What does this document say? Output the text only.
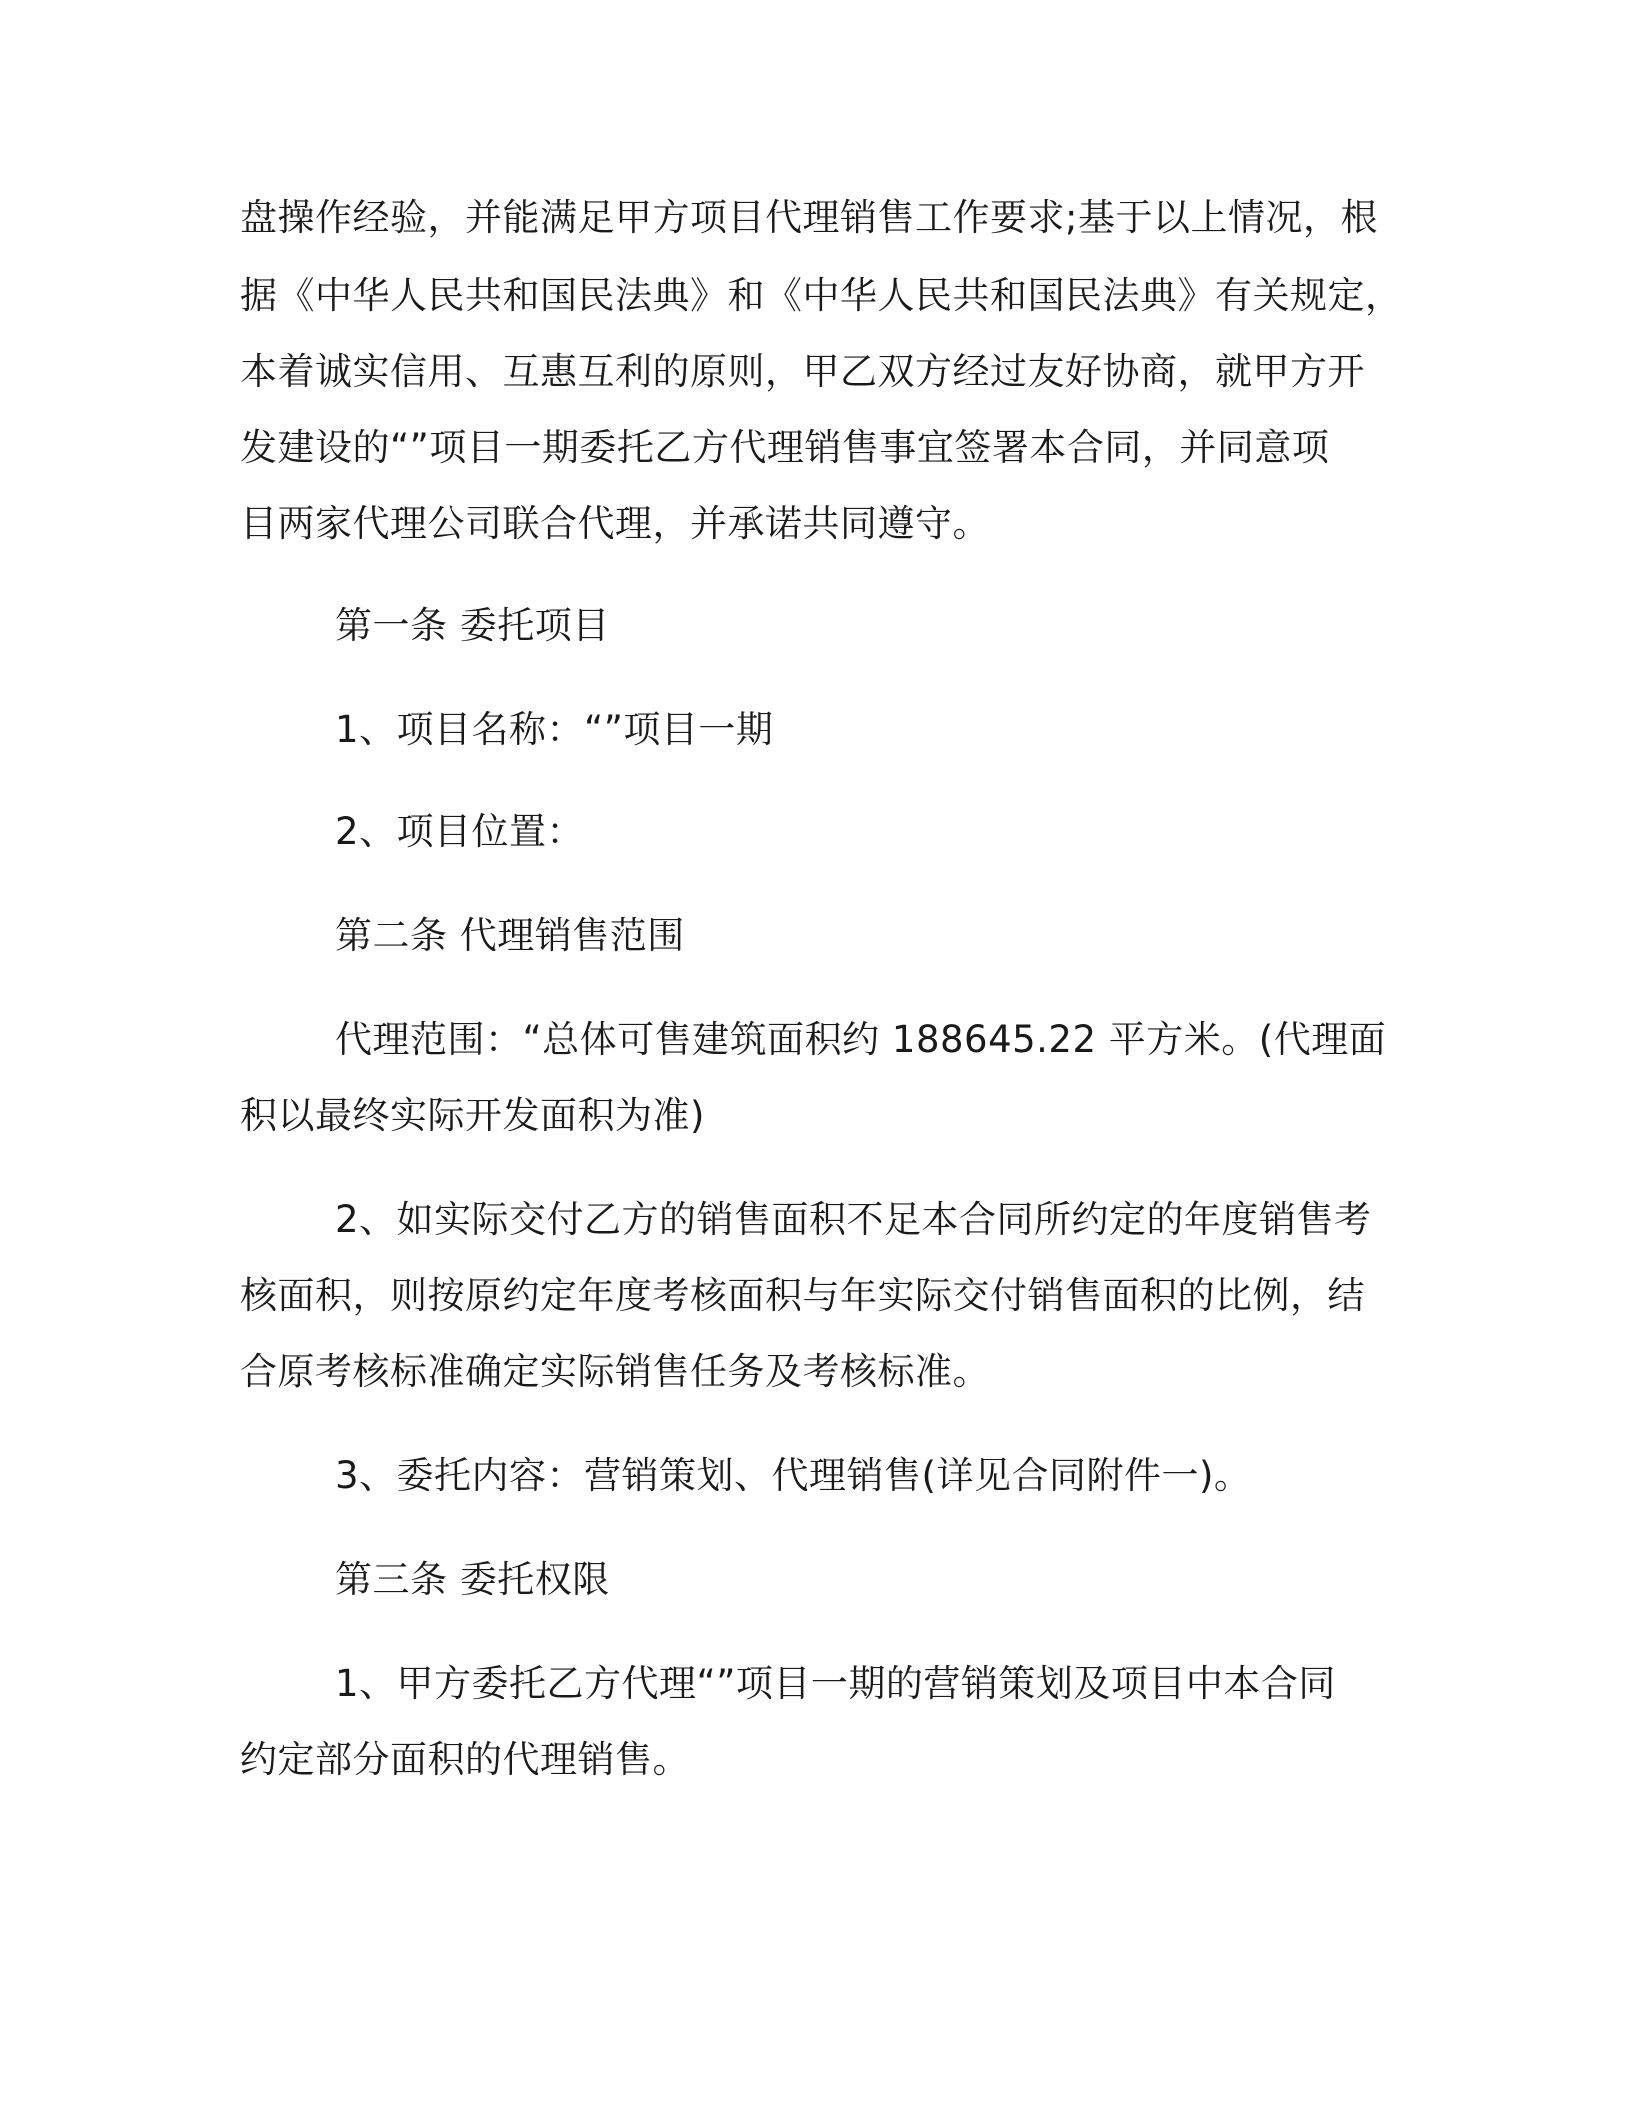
盘操作经验，并能满足甲方项目代理销售工作要求;基于以上情况，根
据《中华人民共和国民法典》和《中华人民共和国民法典》有关规定，
本着诚实信用、互惠互利的原则，甲乙双方经过友好协商，就甲方开
发建设的“”项目一期委托乙方代理销售事宜签署本合同，并同意项
目两家代理公司联合代理，并承诺共同遵守。
第一条 委托项目
1、项目名称：“”项目一期
2、项目位置：
第二条 代理销售范围
代理范围：“总体可售建筑面积约 188645.22 平方米。(代理面
积以最终实际开发面积为准)
2、如实际交付乙方的销售面积不足本合同所约定的年度销售考
核面积，则按原约定年度考核面积与年实际交付销售面积的比例，结
合原考核标准确定实际销售任务及考核标准。
3、委托内容：营销策划、代理销售(详见合同附件一)。
第三条 委托权限
1、甲方委托乙方代理“”项目一期的营销策划及项目中本合同
约定部分面积的代理销售。
